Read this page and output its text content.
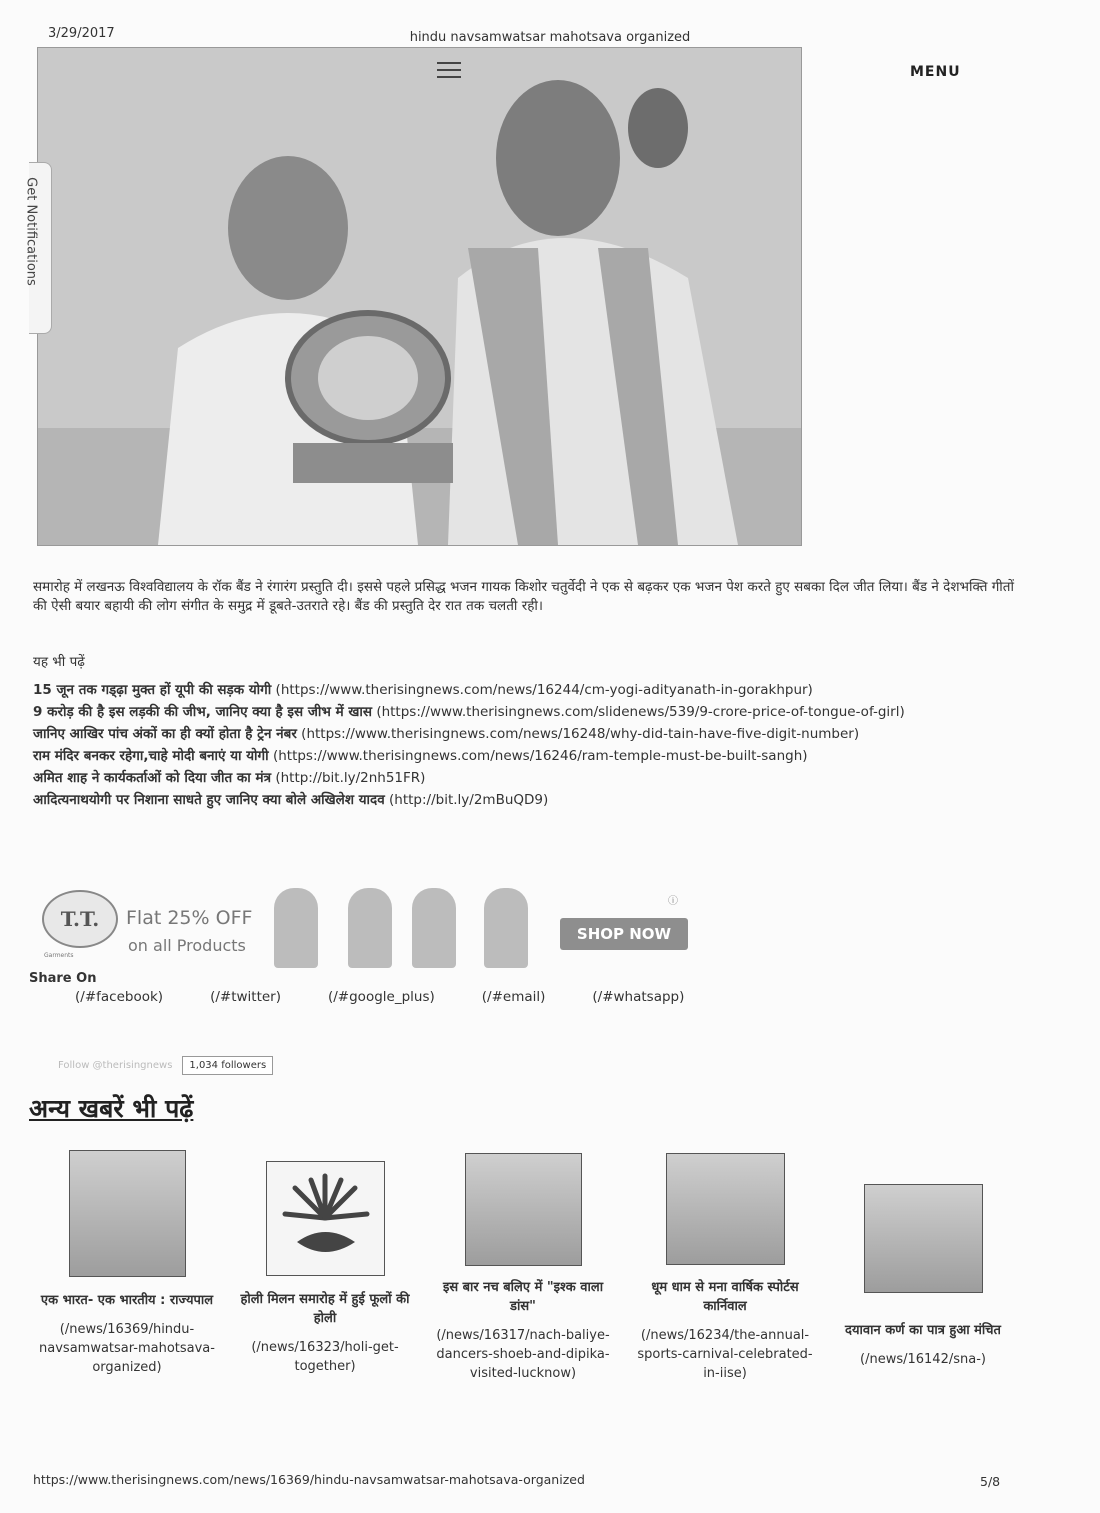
3/29/2017	hindu navsamwatsar mahotsava organized
MENU
Get Notifications
समारोह में लखनऊ विश्वविद्यालय के रॉक बैंड ने रंगारंग प्रस्तुति दी। इससे पहले प्रसिद्ध भजन गायक किशोर चतुर्वेदी ने एक से बढ़कर एक भजन पेश करते हुए सबका दिल जीत लिया। बैंड ने देशभक्ति गीतों की ऐसी बयार बहायी की लोग संगीत के समुद्र में डूबते-उतराते रहे। बैंड की प्रस्तुति देर रात तक चलती रही।
यह भी पढ़ें
15 जून तक गड्ढ़ा मुक्त हों यूपी की सड़क योगी (https://www.therisingnews.com/news/16244/cm-yogi-adityanath-in-gorakhpur)
9 करोड़ की है इस लड़की की जीभ, जानिए क्या है इस जीभ में खास (https://www.therisingnews.com/slidenews/539/9-crore-price-of-tongue-of-girl)
जानिए आखिर पांच अंकों का ही क्यों होता है ट्रेन नंबर (https://www.therisingnews.com/news/16248/why-did-tain-have-five-digit-number)
राम मंदिर बनकर रहेगा,चाहे मोदी बनाएं या योगी (https://www.therisingnews.com/news/16246/ram-temple-must-be-built-sangh)
अमित शाह ने कार्यकर्ताओं को दिया जीत का मंत्र (http://bit.ly/2nh51FR)
आदित्यनाथयोगी पर निशाना साधते हुए जानिए क्या बोले अखिलेश यादव (http://bit.ly/2mBuQD9)
T.T.
Garments
Flat 25% OFF
on all Products
SHOP NOW
ⓘ
Share On
(/#facebook)	(/#twitter)	(/#google_plus)	(/#email)	(/#whatsapp)
Follow @therisingnews	1,034 followers
अन्य खबरें भी पढ़ें
एक भारत- एक भारतीय : राज्यपाल
(/news/16369/hindu-navsamwatsar-mahotsava-organized)
होली मिलन समारोह में हुई फूलों की होली
(/news/16323/holi-get-together)
इस बार नच बलिए में "इश्क वाला डांस"
(/news/16317/nach-baliye-dancers-shoeb-and-dipika-visited-lucknow)
धूम धाम से मना वार्षिक स्पोर्टस कार्निवाल
(/news/16234/the-annual-sports-carnival-celebrated-in-iise)
दयावान कर्ण का पात्र हुआ मंचित
(/news/16142/sna-)
https://www.therisingnews.com/news/16369/hindu-navsamwatsar-mahotsava-organized	5/8
